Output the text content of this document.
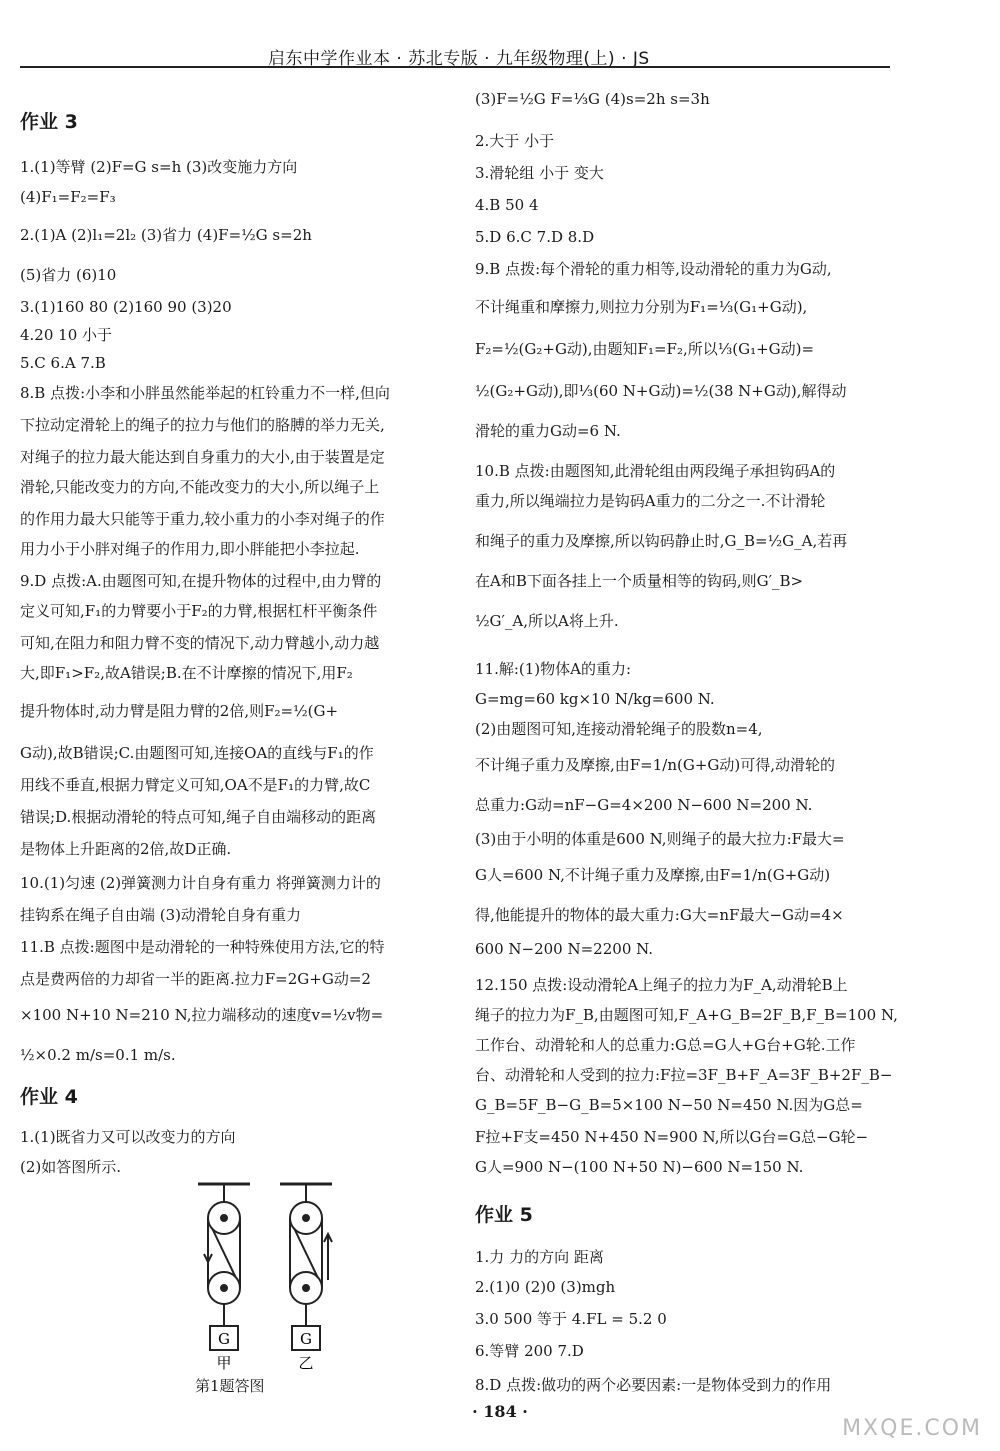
启东中学作业本 · 苏北专版 · 九年级物理(上) · JS
作业 3
1.(1)等臂 (2)F=G s=h (3)改变施力方向
(4)F₁=F₂=F₃
2.(1)A (2)l₁=2l₂ (3)省力 (4)F=½G s=2h
(5)省力 (6)10
3.(1)160 80 (2)160 90 (3)20
4.20 10 小于
5.C 6.A 7.B
8.B 点拨:小李和小胖虽然能举起的杠铃重力不一样,但向
下拉动定滑轮上的绳子的拉力与他们的胳膊的举力无关,
对绳子的拉力最大能达到自身重力的大小,由于装置是定
滑轮,只能改变力的方向,不能改变力的大小,所以绳子上
的作用力最大只能等于重力,较小重力的小李对绳子的作
用力小于小胖对绳子的作用力,即小胖能把小李拉起.
9.D 点拨:A.由题图可知,在提升物体的过程中,由力臂的
定义可知,F₁的力臂要小于F₂的力臂,根据杠杆平衡条件
可知,在阻力和阻力臂不变的情况下,动力臂越小,动力越
大,即F₁>F₂,故A错误;B.在不计摩擦的情况下,用F₂
提升物体时,动力臂是阻力臂的2倍,则F₂=½(G+
G动),故B错误;C.由题图可知,连接OA的直线与F₁的作
用线不垂直,根据力臂定义可知,OA不是F₁的力臂,故C
错误;D.根据动滑轮的特点可知,绳子自由端移动的距离
是物体上升距离的2倍,故D正确.
10.(1)匀速 (2)弹簧测力计自身有重力 将弹簧测力计的
挂钩系在绳子自由端 (3)动滑轮自身有重力
11.B 点拨:题图中是动滑轮的一种特殊使用方法,它的特
点是费两倍的力却省一半的距离.拉力F=2G+G动=2
×100 N+10 N=210 N,拉力端移动的速度v=½v物=
½×0.2 m/s=0.1 m/s.
作业 4
1.(1)既省力又可以改变力的方向
(2)如答图所示.
(3)F=½G F=⅓G (4)s=2h s=3h
2.大于 小于
3.滑轮组 小于 变大
4.B 50 4
5.D 6.C 7.D 8.D
9.B 点拨:每个滑轮的重力相等,设动滑轮的重力为G动,
不计绳重和摩擦力,则拉力分别为F₁=⅓(G₁+G动),
F₂=½(G₂+G动),由题知F₁=F₂,所以⅓(G₁+G动)=
½(G₂+G动),即⅓(60 N+G动)=½(38 N+G动),解得动
滑轮的重力G动=6 N.
10.B 点拨:由题图知,此滑轮组由两段绳子承担钩码A的
重力,所以绳端拉力是钩码A重力的二分之一.不计滑轮
和绳子的重力及摩擦,所以钩码静止时,G_B=½G_A,若再
在A和B下面各挂上一个质量相等的钩码,则G′_B>
½G′_A,所以A将上升.
11.解:(1)物体A的重力:
G=mg=60 kg×10 N/kg=600 N.
(2)由题图可知,连接动滑轮绳子的股数n=4,
不计绳子重力及摩擦,由F=1/n(G+G动)可得,动滑轮的
总重力:G动=nF−G=4×200 N−600 N=200 N.
(3)由于小明的体重是600 N,则绳子的最大拉力:F最大=
G人=600 N,不计绳子重力及摩擦,由F=1/n(G+G动)
得,他能提升的物体的最大重力:G大=nF最大−G动=4×
600 N−200 N=2200 N.
12.150 点拨:设动滑轮A上绳子的拉力为F_A,动滑轮B上
绳子的拉力为F_B,由题图可知,F_A+G_B=2F_B,F_B=100 N,
工作台、动滑轮和人的总重力:G总=G人+G台+G轮.工作
台、动滑轮和人受到的拉力:F拉=3F_B+F_A=3F_B+2F_B−
G_B=5F_B−G_B=5×100 N−50 N=450 N.因为G总=
F拉+F支=450 N+450 N=900 N,所以G台=G总−G轮−
G人=900 N−(100 N+50 N)−600 N=150 N.
作业 5
1.力 力的方向 距离
2.(1)0 (2)0 (3)mgh
3.0 500 等于 4.FL = 5.2 0
6.等臂 200 7.D
8.D 点拨:做功的两个必要因素:一是物体受到力的作用
G	G
甲	乙
第1题答图
· 184 ·
MXQE.COM
